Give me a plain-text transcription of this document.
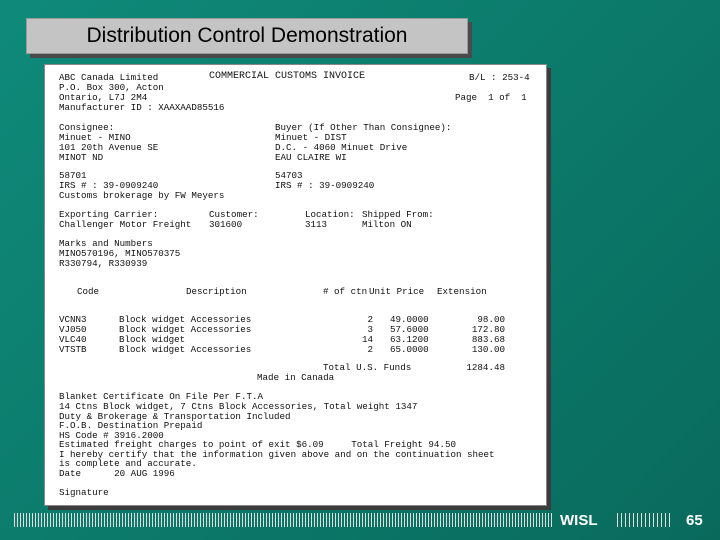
Distribution Control Demonstration
ABC Canada Limited	COMMERCIAL CUSTOMS INVOICE	B/L : 253-4
P.O. Box 300, Acton
Ontario, L7J 2M4	Page  1 of  1
Manufacturer ID : XAAXAAD85516
Consignee:
Minuet - MINO
101 20th Avenue SE
MINOT ND
Buyer (If Other Than Consignee):
Minuet - DIST
D.C. - 4060 Minuet Drive
EAU CLAIRE WI
58701
IRS # : 39-0909240
Customs brokerage by FW Meyers
54703
IRS # : 39-0909240
Exporting Carrier:
Challenger Motor Freight
Customer:
301600
Location:
3113
Shipped From:
Milton ON
Marks and Numbers
MINO570196, MINO570375
R330794, R330939
Code	Description	# of ctn Unit Price Extension
VCNN3	Block widget Accessories	2 49.0000	98.00
VJ050	Block widget Accessories	3 57.6000	172.80
VLC40	Block widget	14 63.1200	883.68
VTSTB	Block widget Accessories	2 65.0000	130.00
Total U.S. Funds	1284.48
Made in Canada
Blanket Certificate On File Per F.T.A
14 Ctns Block widget, 7 Ctns Block Accessories, Total weight 1347
Duty & Brokerage & Transportation Included
F.O.B. Destination Prepaid
HS Code # 3916.2000
Estimated freight charges to point of exit $6.09     Total Freight 94.50
I hereby certify that the information given above and on the continuation sheet
is complete and accurate.
Date      20 AUG 1996
Signature
WISL	65
